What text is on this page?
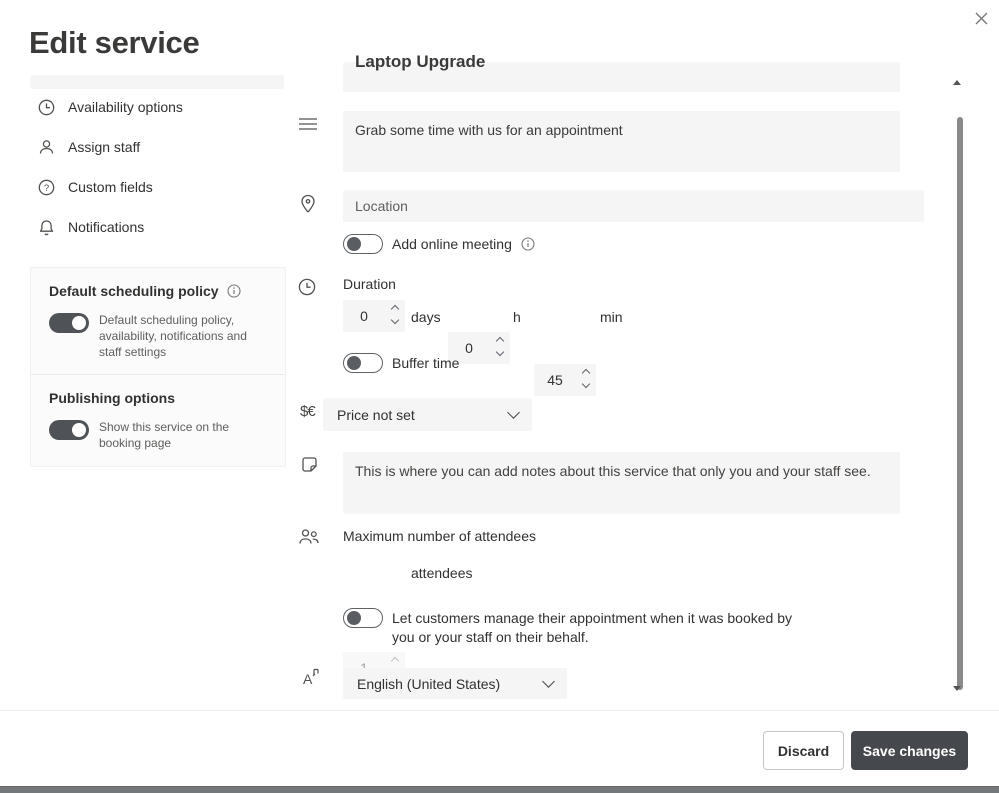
Edit service
Availability options
Assign staff
? Custom fields
Notifications
Default scheduling policy
Default scheduling policy, availability, notifications and staff settings
Publishing options
Show this service on the booking page
Laptop Upgrade
Grab some time with us for an appointment
Location
Add online meeting
Duration
0	days
0
h
45
min
Buffer time
$€ Price not set
This is where you can add notes about this service that only you and your staff see.
Maximum number of attendees
attendees
Let customers manage their appointment when it was booked by you or your staff on their behalf.
A	English (United States)
Discard Save changes
